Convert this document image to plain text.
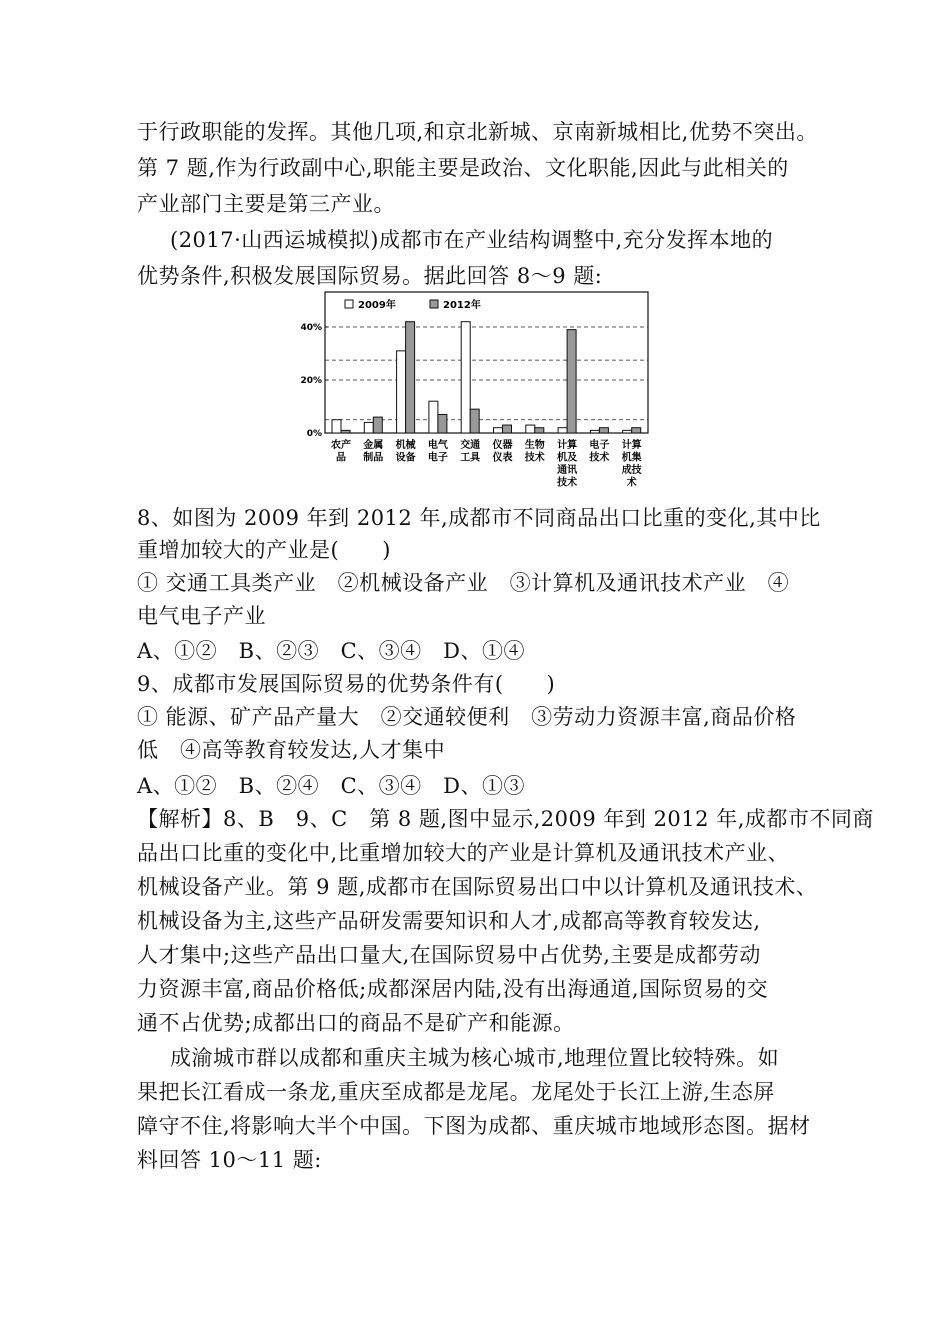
于行政职能的发挥。其他几项,和京北新城、京南新城相比,优势不突出。
第 7 题,作为行政副中心,职能主要是政治、文化职能,因此与此相关的
产业部门主要是第三产业。
(2017·山西运城模拟)成都市在产业结构调整中,充分发挥本地的
优势条件,积极发展国际贸易。据此回答 8～9 题:
0%
20%
40%
2009年	2012年
农产
品
金属
制品
机械
设备
电气
电子
交通
工具
仪器
仪表
生物
技术
计算
机及
通讯
技术
电子
技术
计算
机集
成技
术
8、如图为 2009 年到 2012 年,成都市不同商品出口比重的变化,其中比
重增加较大的产业是(　　)
① 交通工具类产业　②机械设备产业　③计算机及通讯技术产业　④
电气电子产业
A、①②　B、②③　C、③④　D、①④
9、成都市发展国际贸易的优势条件有(　　)
① 能源、矿产品产量大　②交通较便利　③劳动力资源丰富,商品价格
低　④高等教育较发达,人才集中
A、①②　B、②④　C、③④　D、①③
【解析】8、B　9、C　第 8 题,图中显示,2009 年到 2012 年,成都市不同商
品出口比重的变化中,比重增加较大的产业是计算机及通讯技术产业、
机械设备产业。第 9 题,成都市在国际贸易出口中以计算机及通讯技术、
机械设备为主,这些产品研发需要知识和人才,成都高等教育较发达,
人才集中;这些产品出口量大,在国际贸易中占优势,主要是成都劳动
力资源丰富,商品价格低;成都深居内陆,没有出海通道,国际贸易的交
通不占优势;成都出口的商品不是矿产和能源。
成渝城市群以成都和重庆主城为核心城市,地理位置比较特殊。如
果把长江看成一条龙,重庆至成都是龙尾。龙尾处于长江上游,生态屏
障守不住,将影响大半个中国。下图为成都、重庆城市地域形态图。据材
料回答 10～11 题:
